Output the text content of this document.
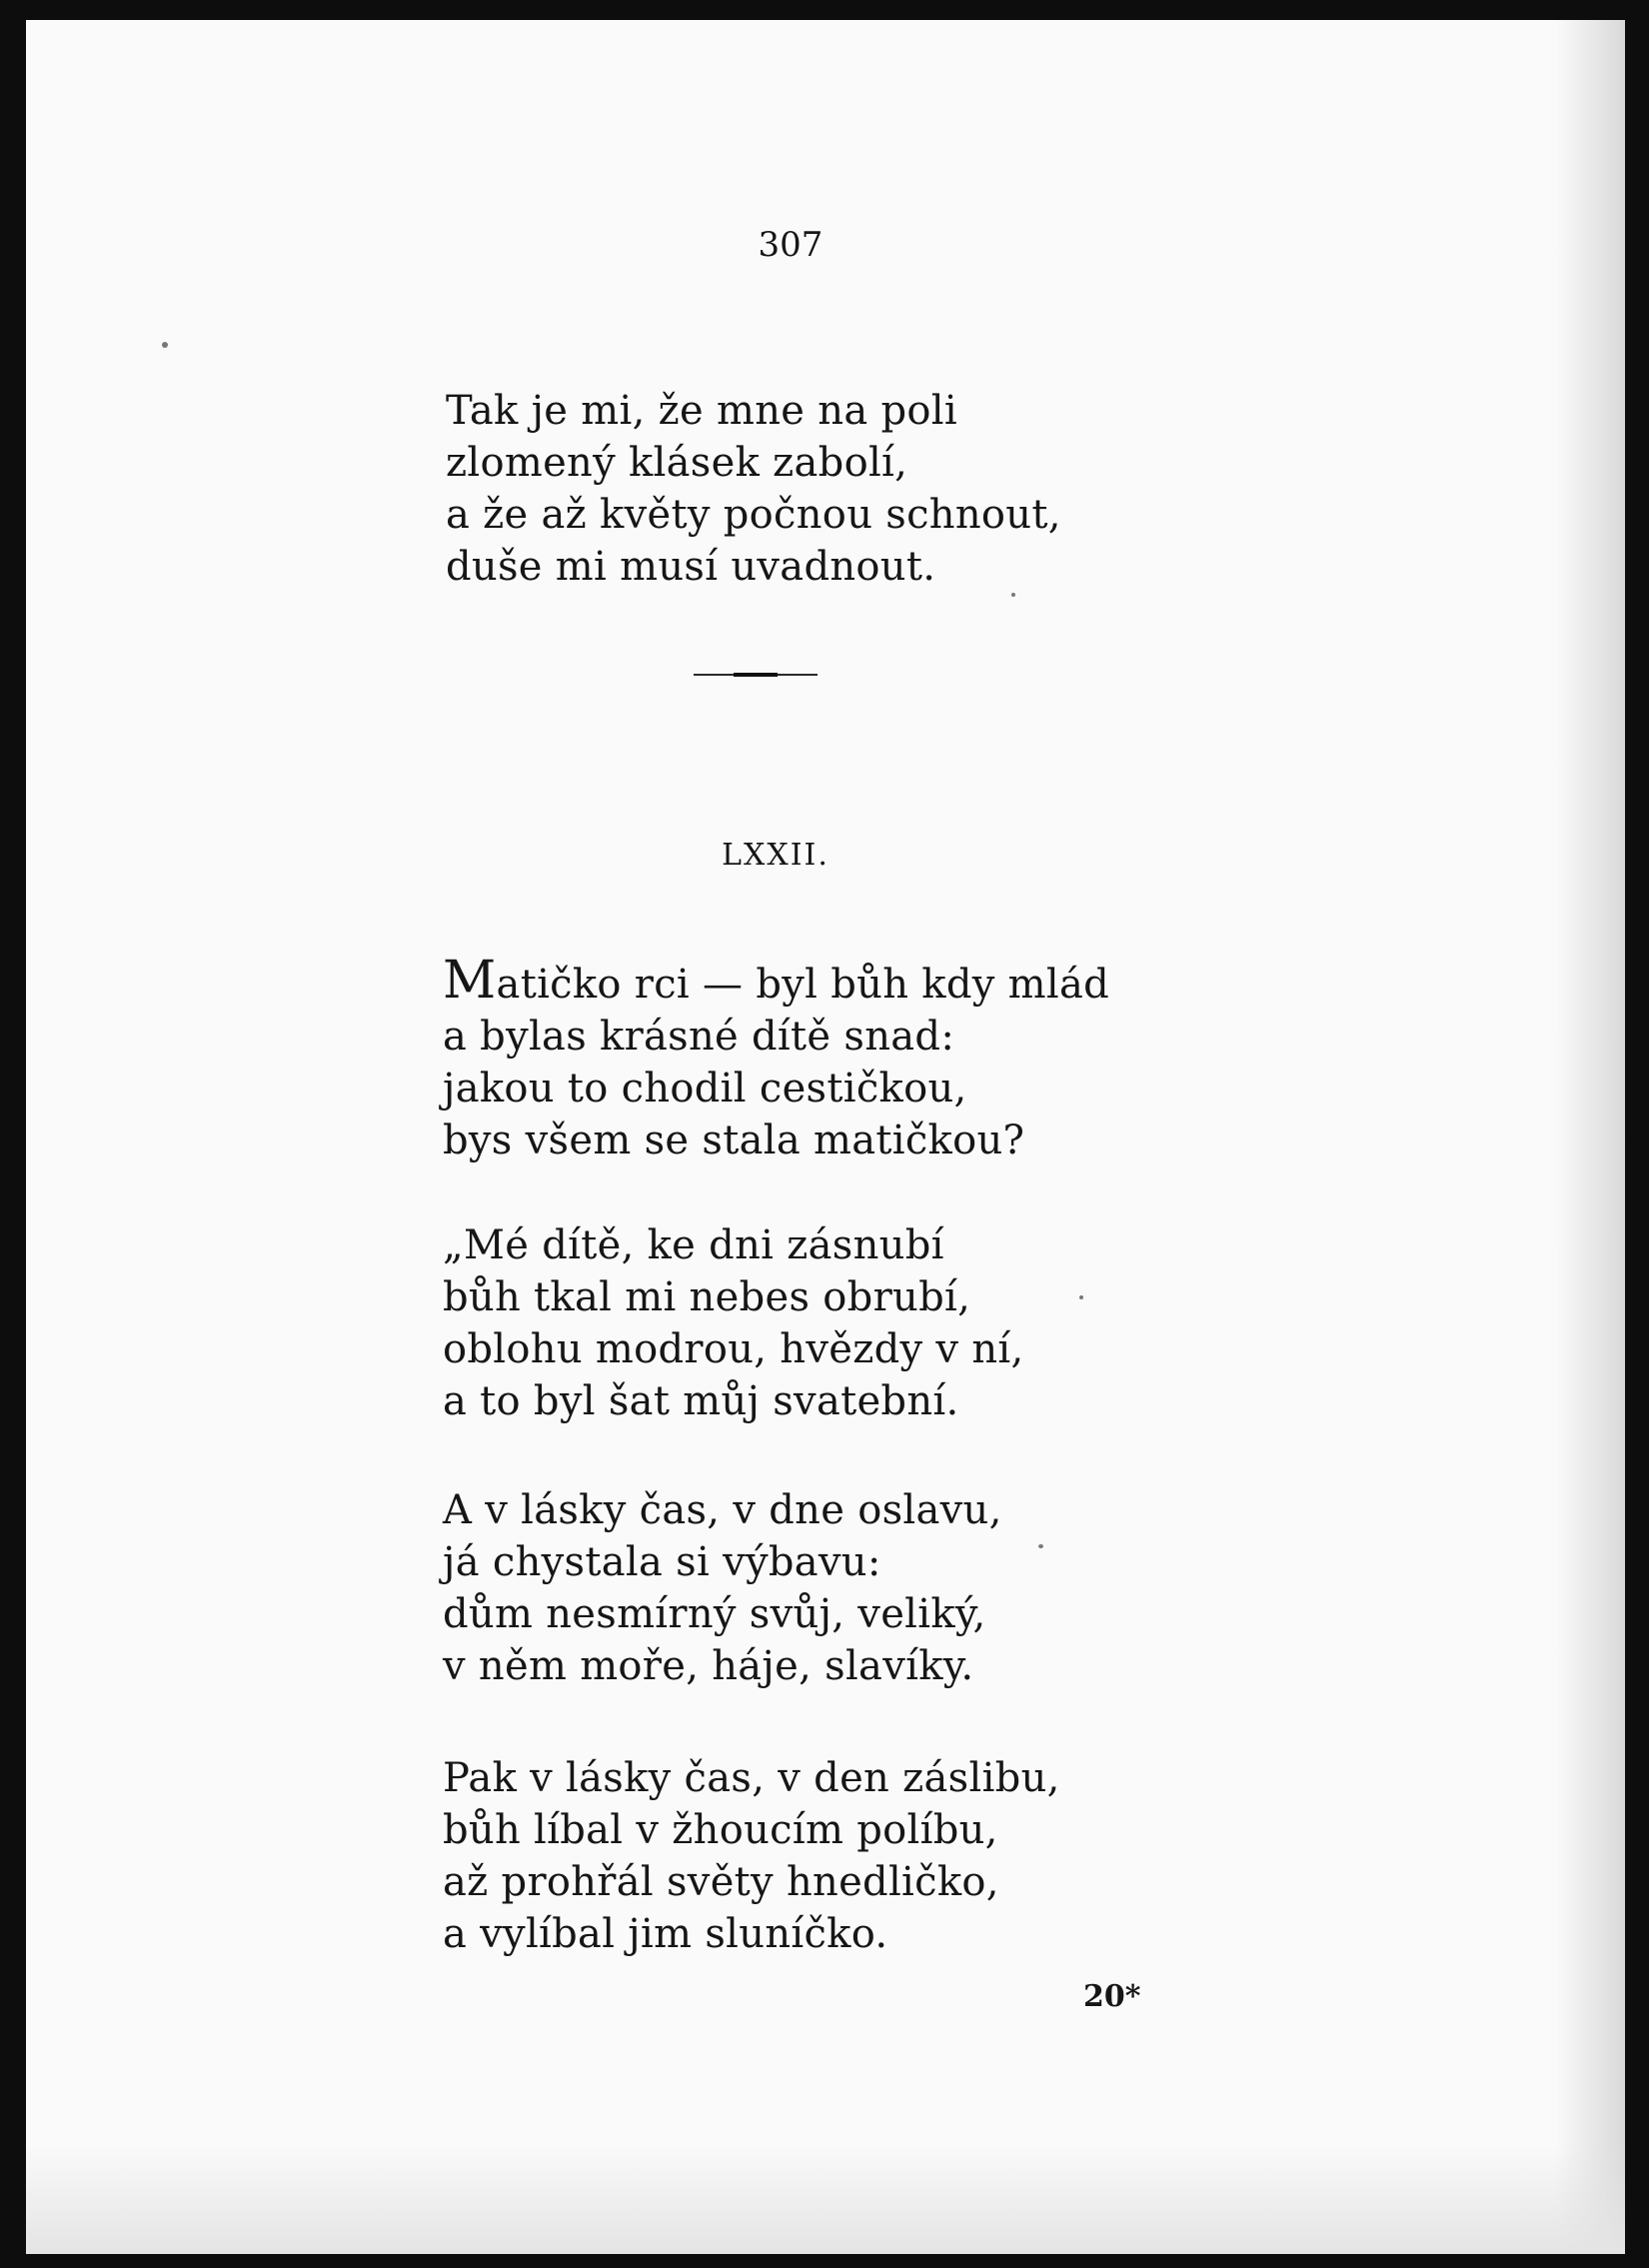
307
Tak je mi, že mne na poli
zlomený klásek zabolí,
a že až květy počnou schnout,
duše mi musí uvadnout.
LXXII.
Matičko rci — byl bůh kdy mlád
a bylas krásné dítě snad:
jakou to chodil cestičkou,
bys všem se stala matičkou?
„Mé dítě, ke dni zásnubí
bůh tkal mi nebes obrubí,
oblohu modrou, hvězdy v ní,
a to byl šat můj svatební.
A v lásky čas, v dne oslavu,
já chystala si výbavu:
dům nesmírný svůj, veliký,
v něm moře, háje, slavíky.
Pak v lásky čas, v den záslibu,
bůh líbal v žhoucím políbu,
až prohřál světy hnedličko,
a vylíbal jim sluníčko.
20*
